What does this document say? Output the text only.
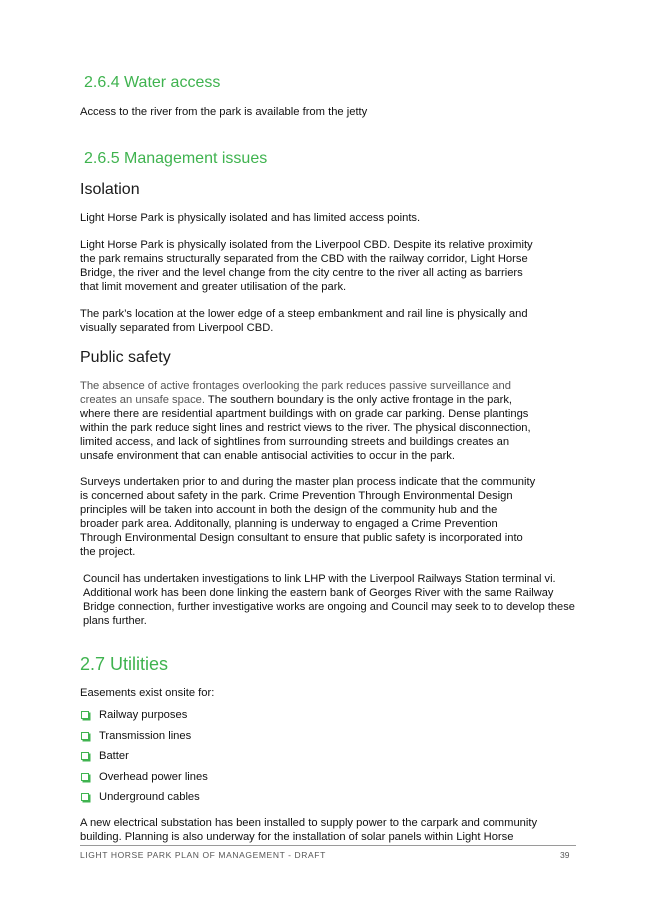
2.6.4 Water access
Access to the river from the park is available from the jetty
2.6.5 Management issues
Isolation
Light Horse Park is physically isolated and has limited access points.
Light Horse Park is physically isolated from the Liverpool CBD. Despite its relative proximity
the park remains structurally separated from the CBD with the railway corridor, Light Horse
Bridge, the river and the level change from the city centre to the river all acting as barriers
that limit movement and greater utilisation of the park.
The park’s location at the lower edge of a steep embankment and rail line is physically and
visually separated from Liverpool CBD.
Public safety
The absence of active frontages overlooking the park reduces passive surveillance and
creates an unsafe space. The southern boundary is the only active frontage in the park,
where there are residential apartment buildings with on grade car parking. Dense plantings
within the park reduce sight lines and restrict views to the river. The physical disconnection,
limited access, and lack of sightlines from surrounding streets and buildings creates an
unsafe environment that can enable antisocial activities to occur in the park.
Surveys undertaken prior to and during the master plan process indicate that the community
is concerned about safety in the park. Crime Prevention Through Environmental Design
principles will be taken into account in both the design of the community hub and the
broader park area. Additonally, planning is underway to engaged a Crime Prevention
Through Environmental Design consultant to ensure that public safety is incorporated into
the project.
Council has undertaken investigations to link LHP with the Liverpool Railways Station terminal vi.
Additional work has been done linking the eastern bank of Georges River with the same Railway
Bridge connection, further investigative works are ongoing and Council may seek to to develop these
plans further.
2.7 Utilities
Easements exist onsite for:
Railway purposes
Transmission lines
Batter
Overhead power lines
Underground cables
A new electrical substation has been installed to supply power to the carpark and community
building. Planning is also underway for the installation of solar panels within Light Horse
LIGHT HORSE PARK PLAN OF MANAGEMENT - DRAFT	39
